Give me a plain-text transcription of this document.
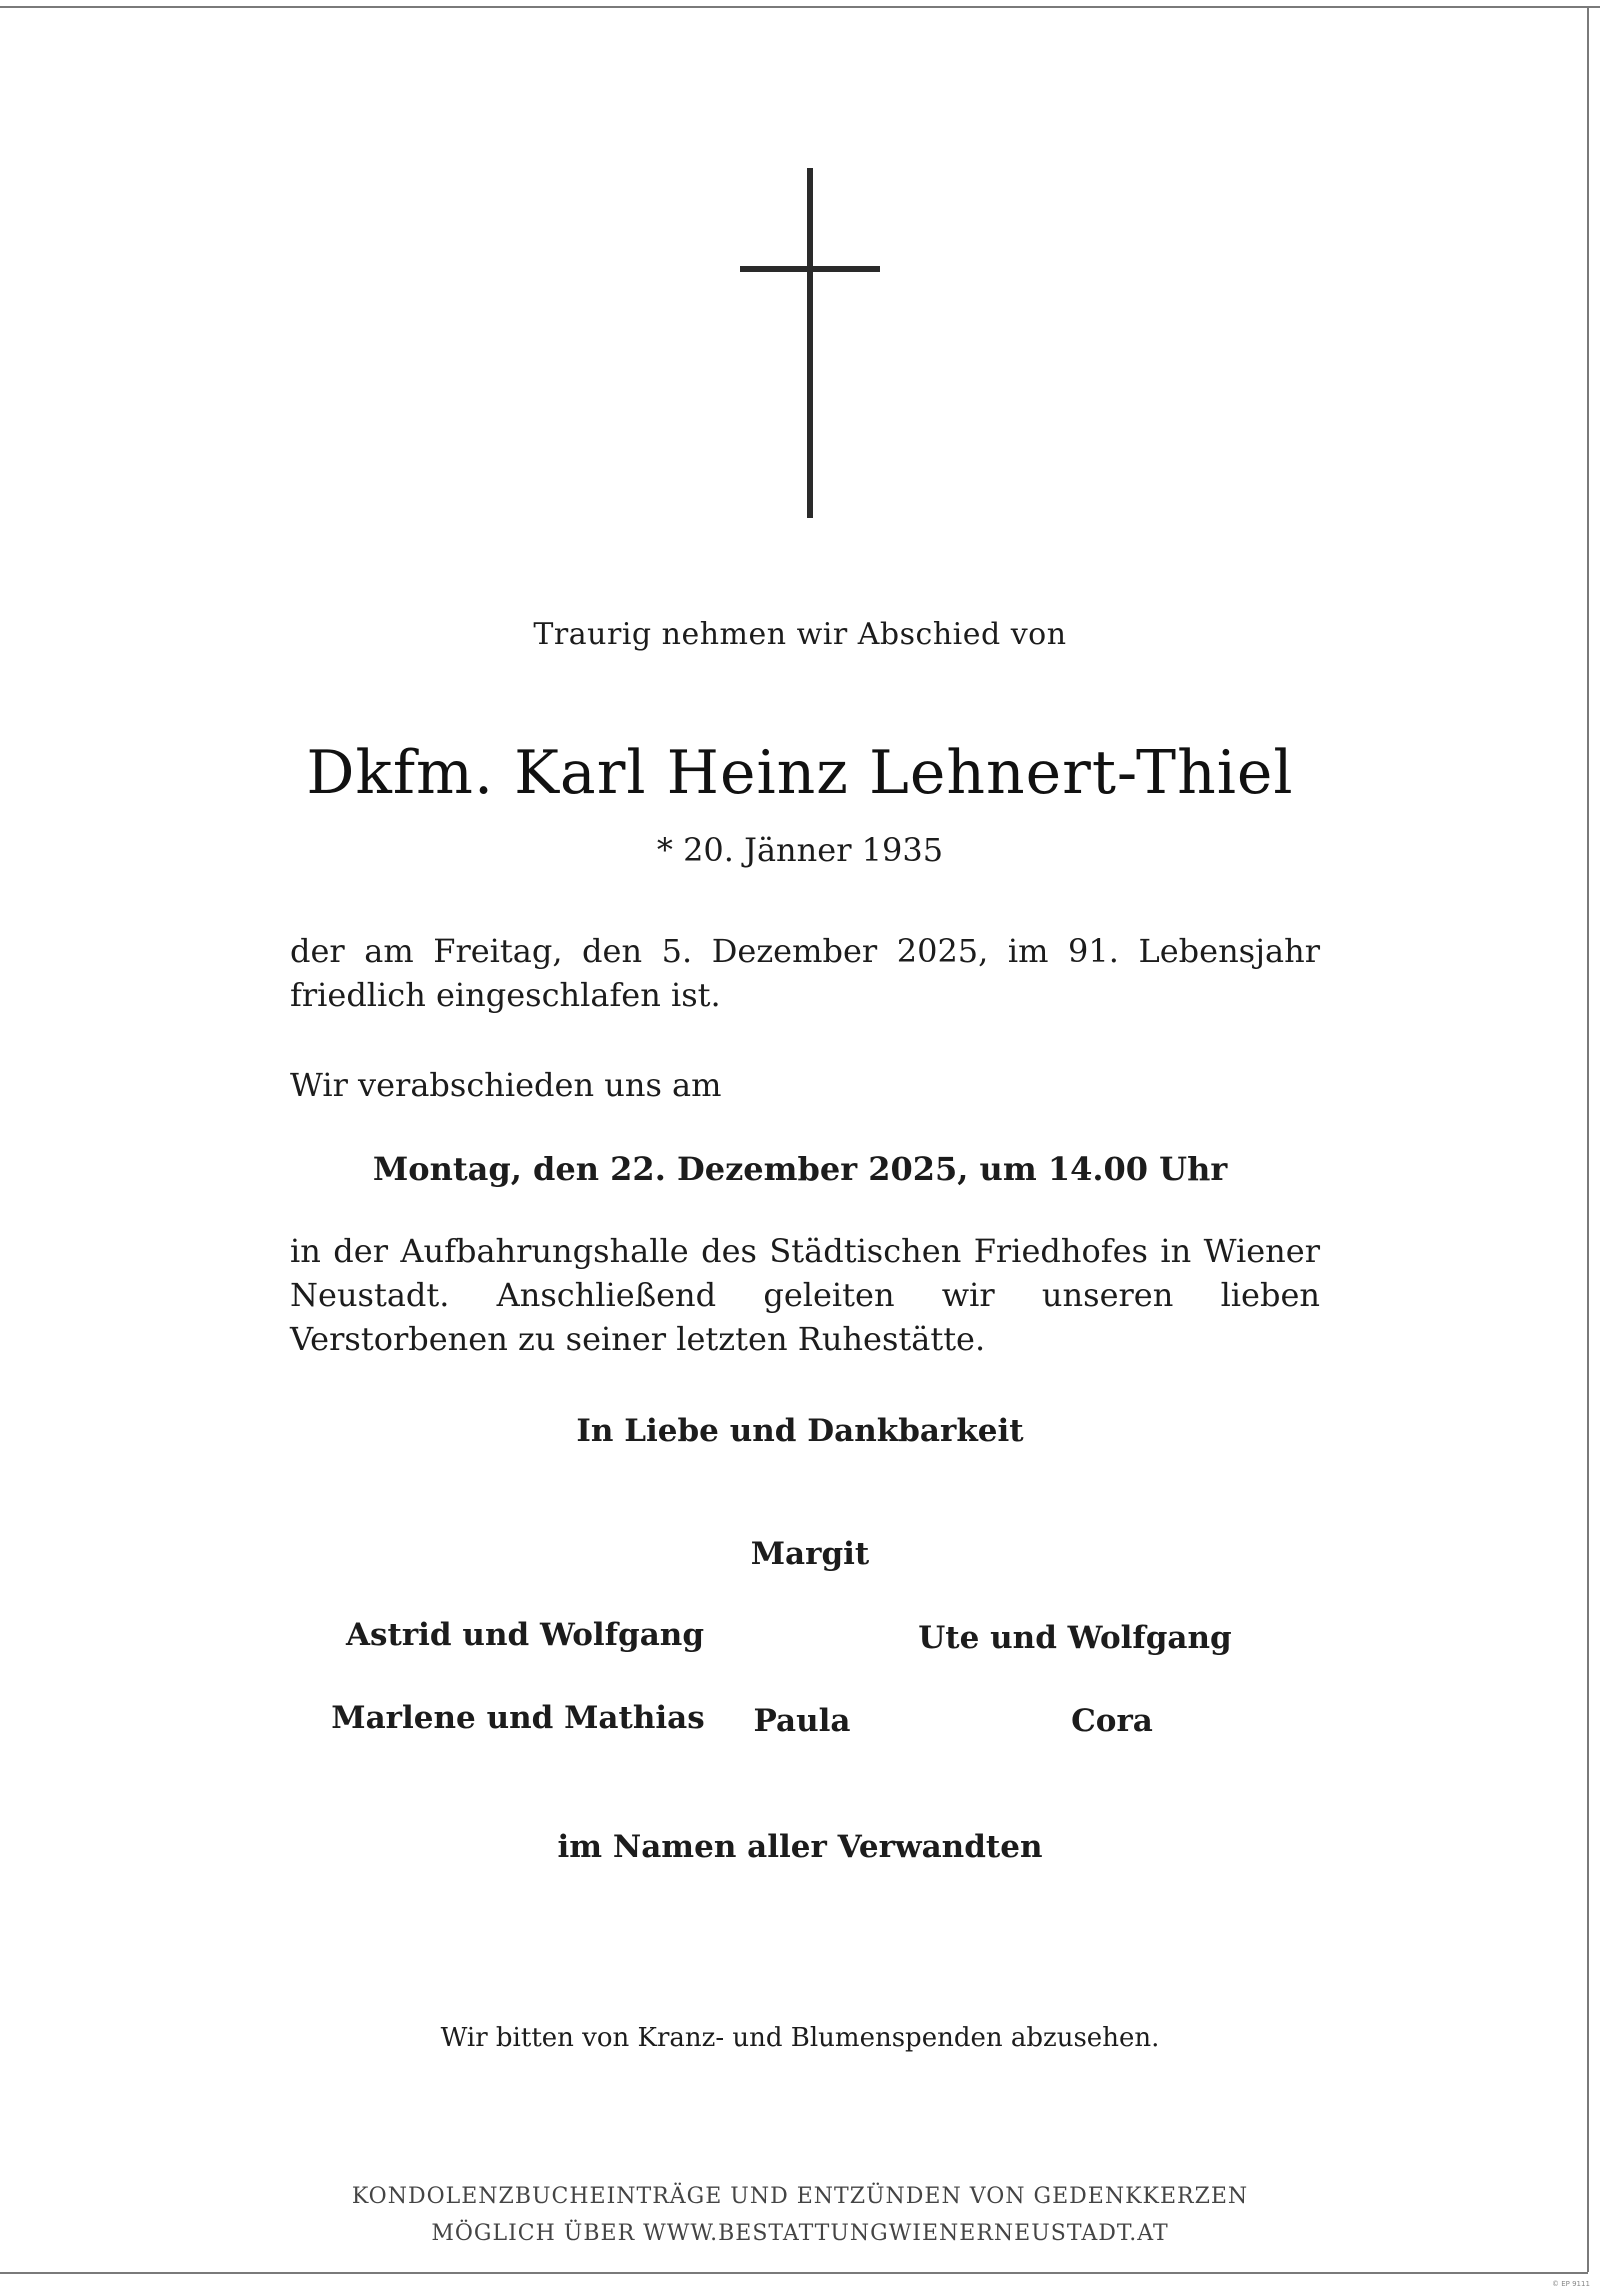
Traurig nehmen wir Abschied von
Dkfm. Karl Heinz Lehnert-Thiel
* 20. Jänner 1935

der am Freitag, den 5. Dezember 2025, im 91. Lebensjahr friedlich eingeschlafen ist.

Wir verabschieden uns am
Montag, den 22. Dezember 2025, um 14.00 Uhr

in der Aufbahrungshalle des Städtischen Friedhofes in Wiener Neustadt. Anschließend geleiten wir unseren lieben Verstorbenen zu seiner letzten Ruhestätte.

In Liebe und Dankbarkeit
Margit
Astrid und Wolfgang	Ute und Wolfgang
Marlene und Mathias	Paula	Cora
im Namen aller Verwandten
Wir bitten von Kranz- und Blumenspenden abzusehen.
KONDOLENZBUCHEINTRÄGE UND ENTZÜNDEN VON GEDENKKERZEN
MÖGLICH ÜBER WWW.BESTATTUNGWIENERNEUSTADT.AT
© EP 9111
